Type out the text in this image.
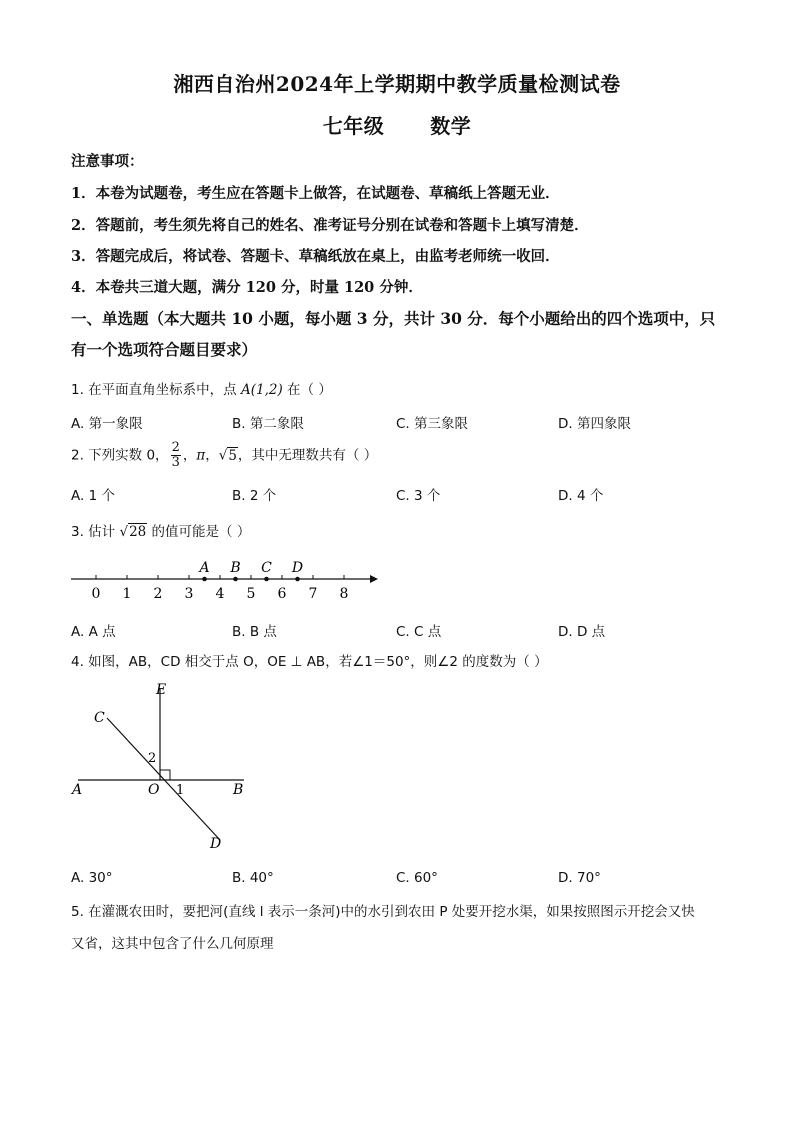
湘西自治州2024年上学期期中教学质量检测试卷
七年级 数学
注意事项：
1．本卷为试题卷，考生应在答题卡上做答，在试题卷、草稿纸上答题无业．
2．答题前，考生须先将自己的姓名、准考证号分别在试卷和答题卡上填写清楚．
3．答题完成后，将试卷、答题卡、草稿纸放在桌上，由监考老师统一收回．
4．本卷共三道大题，满分 120 分，时量 120 分钟．
一、单选题（本大题共 10 小题，每小题 3 分，共计 30 分．每个小题给出的四个选项中，只
有一个选项符合题目要求）
1. 在平面直角坐标系中，点 A(1,2) 在（ ）
A. 第一象限	B. 第二象限	C. 第三象限	D. 第四象限
2. 下列实数 0， $\frac{2}{3}$ ，π，√5，其中无理数共有（ ）
A. 1 个	B. 2 个	C. 3 个	D. 4 个
3. 估计 √28 的值可能是（ ）
0 1 2 3 4 5 6 7 8
A B C D
A. A 点	B. B 点	C. C 点	D. D 点
4. 如图，AB，CD 相交于点 O，OE ⊥ AB，若∠1＝50°，则∠2 的度数为（ ）
E
C
A	B
O
D
2
1
A. 30°	B. 40°	C. 60°	D. 70°
5. 在灌溉农田时，要把河(直线 l 表示一条河)中的水引到农田 P 处要开挖水渠，如果按照图示开挖会又快
又省，这其中包含了什么几何原理
